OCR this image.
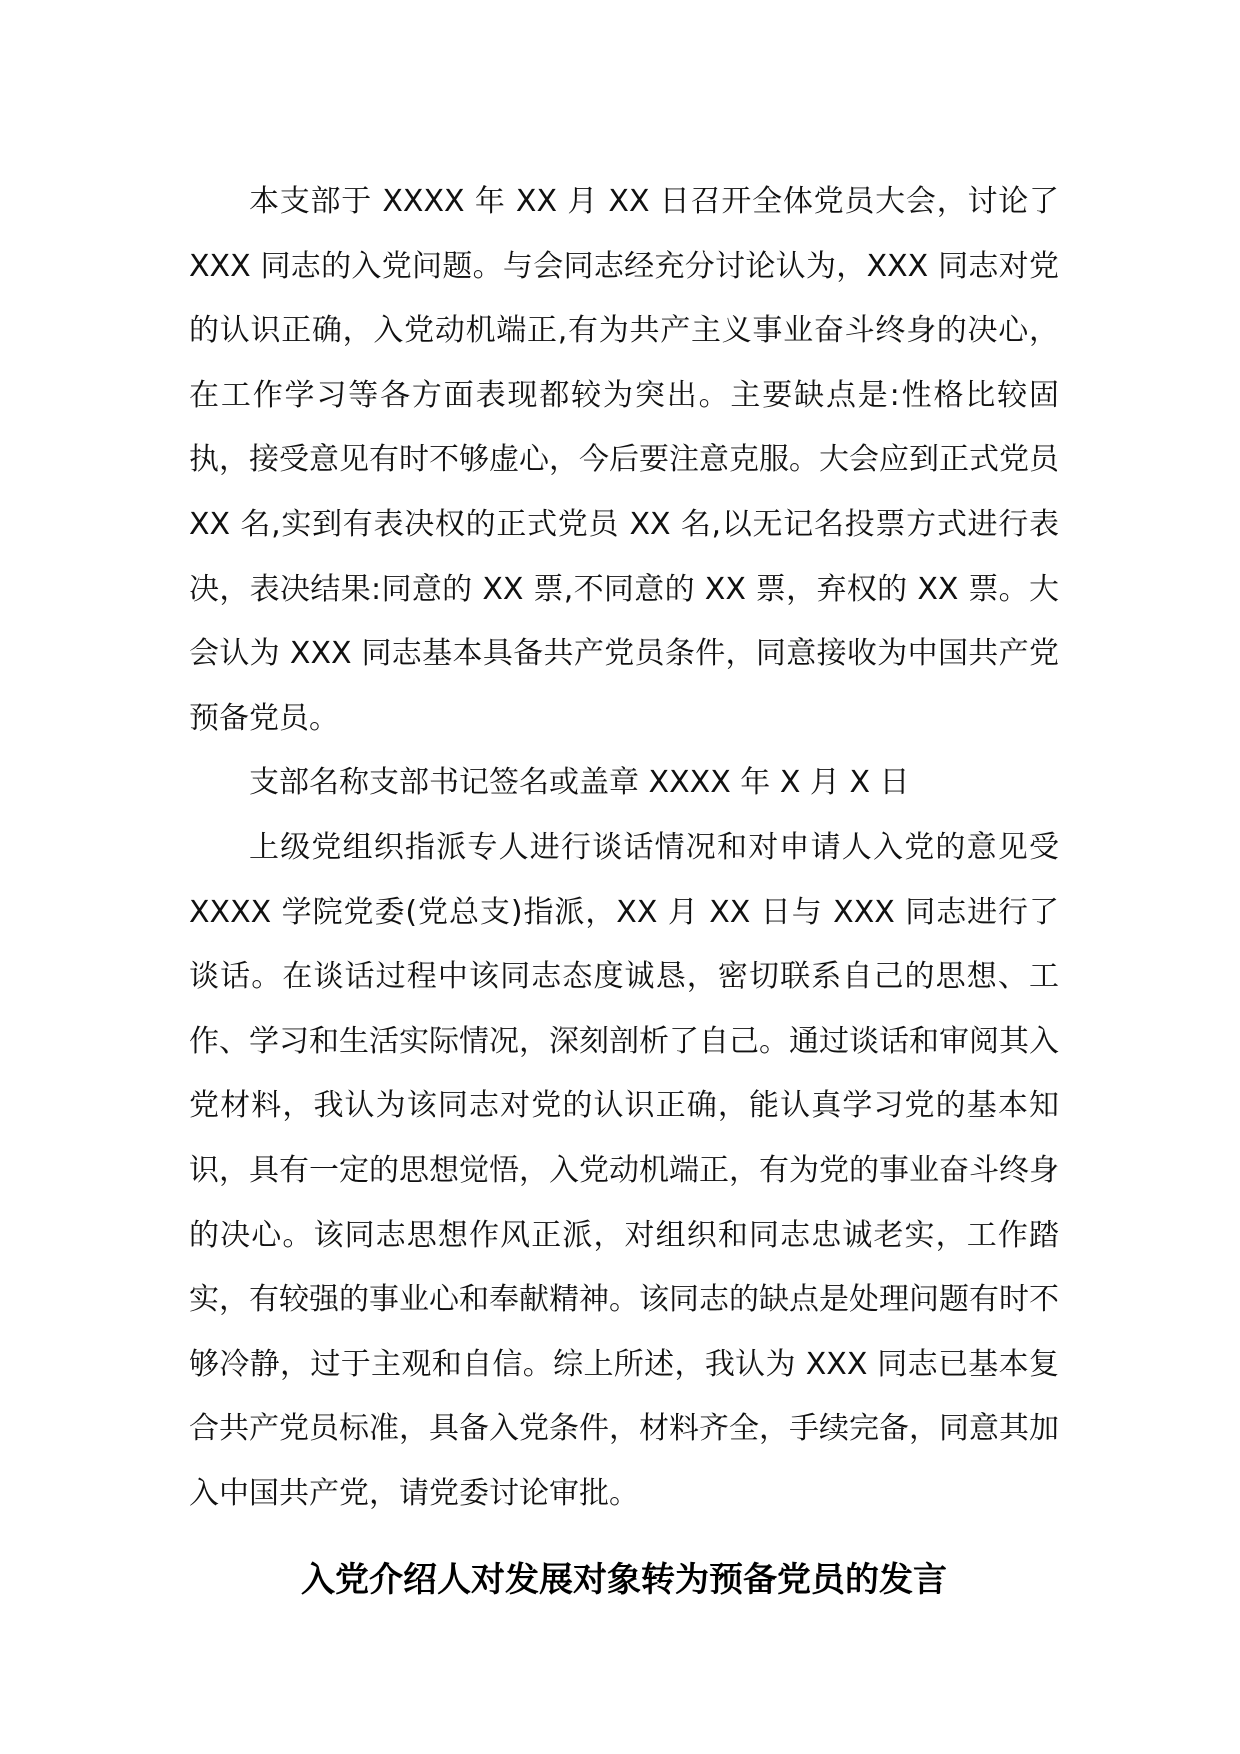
本支部于 XXXX 年 XX 月 XX 日召开全体党员大会，讨论了XXX 同志的入党问题。与会同志经充分讨论认为，XXX 同志对党的认识正确，入党动机端正,有为共产主义事业奋斗终身的决心，在工作学习等各方面表现都较为突出。主要缺点是:性格比较固执，接受意见有时不够虚心，今后要注意克服。大会应到正式党员 XX 名,实到有表决权的正式党员 XX 名,以无记名投票方式进行表决，表决结果:同意的 XX 票,不同意的 XX 票，弃权的 XX 票。大会认为 XXX 同志基本具备共产党员条件，同意接收为中国共产党预备党员。

支部名称支部书记签名或盖章 XXXX 年 X 月 X 日

上级党组织指派专人进行谈话情况和对申请人入党的意见受XXXX 学院党委(党总支)指派，XX 月 XX 日与 XXX 同志进行了谈话。在谈话过程中该同志态度诚恳，密切联系自己的思想、工作、学习和生活实际情况，深刻剖析了自己。通过谈话和审阅其入党材料，我认为该同志对党的认识正确，能认真学习党的基本知识，具有一定的思想觉悟，入党动机端正，有为党的事业奋斗终身的决心。该同志思想作风正派，对组织和同志忠诚老实，工作踏实，有较强的事业心和奉献精神。该同志的缺点是处理问题有时不够冷静，过于主观和自信。综上所述，我认为 XXX 同志已基本复合共产党员标准，具备入党条件，材料齐全，手续完备，同意其加入中国共产党，请党委讨论审批。

入党介绍人对发展对象转为预备党员的发言
